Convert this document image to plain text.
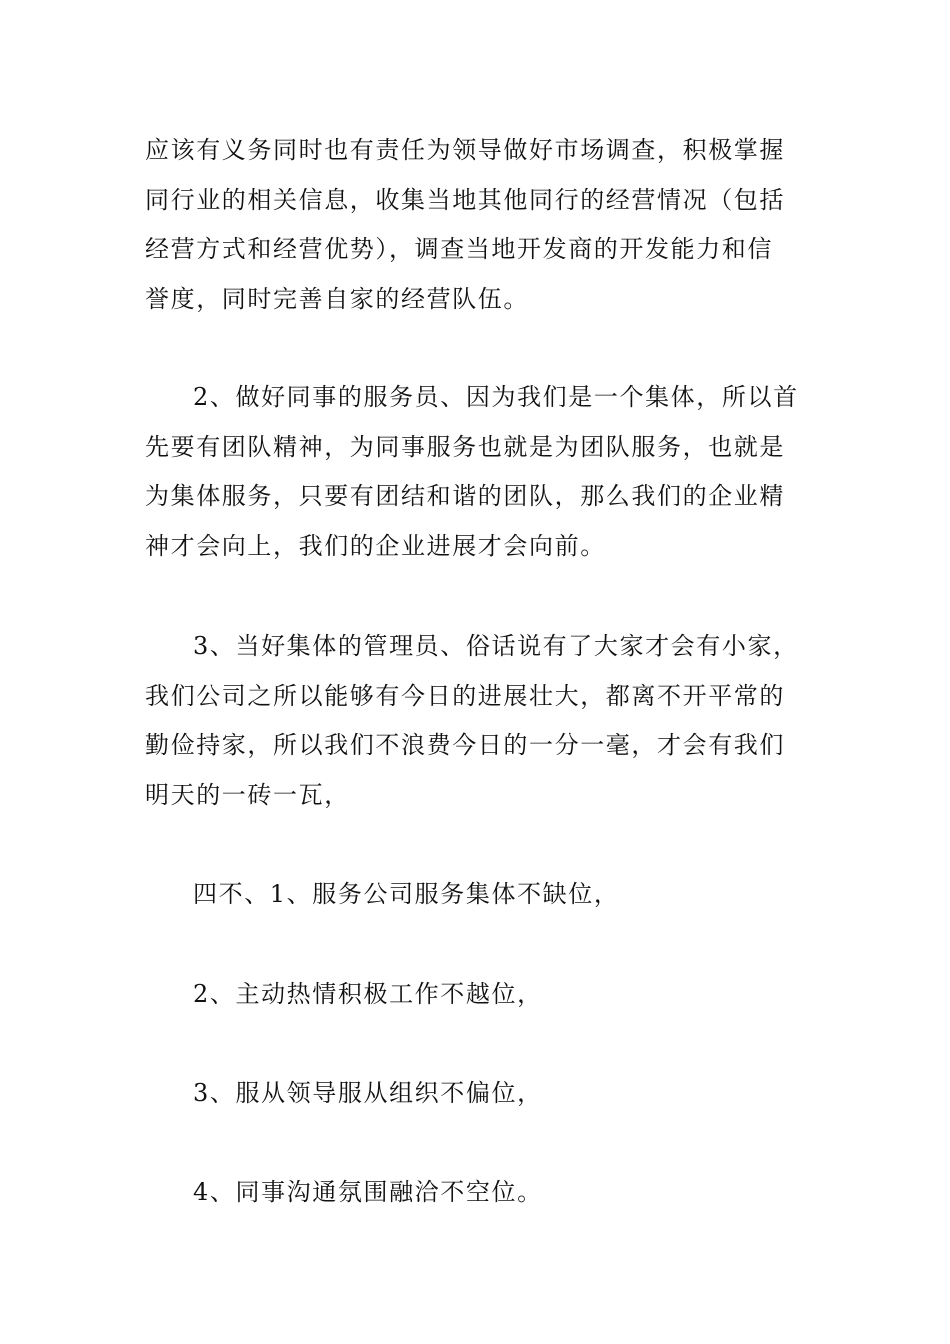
应该有义务同时也有责任为领导做好市场调查，积极掌握
同行业的相关信息，收集当地其他同行的经营情况（包括
经营方式和经营优势），调查当地开发商的开发能力和信
誉度，同时完善自家的经营队伍。
2、做好同事的服务员、因为我们是一个集体，所以首
先要有团队精神，为同事服务也就是为团队服务，也就是
为集体服务，只要有团结和谐的团队，那么我们的企业精
神才会向上，我们的企业进展才会向前。
3、当好集体的管理员、俗话说有了大家才会有小家，
我们公司之所以能够有今日的进展壮大，都离不开平常的
勤俭持家，所以我们不浪费今日的一分一毫，才会有我们
明天的一砖一瓦，
四不、1、服务公司服务集体不缺位，
2、主动热情积极工作不越位，
3、服从领导服从组织不偏位，
4、同事沟通氛围融洽不空位。
